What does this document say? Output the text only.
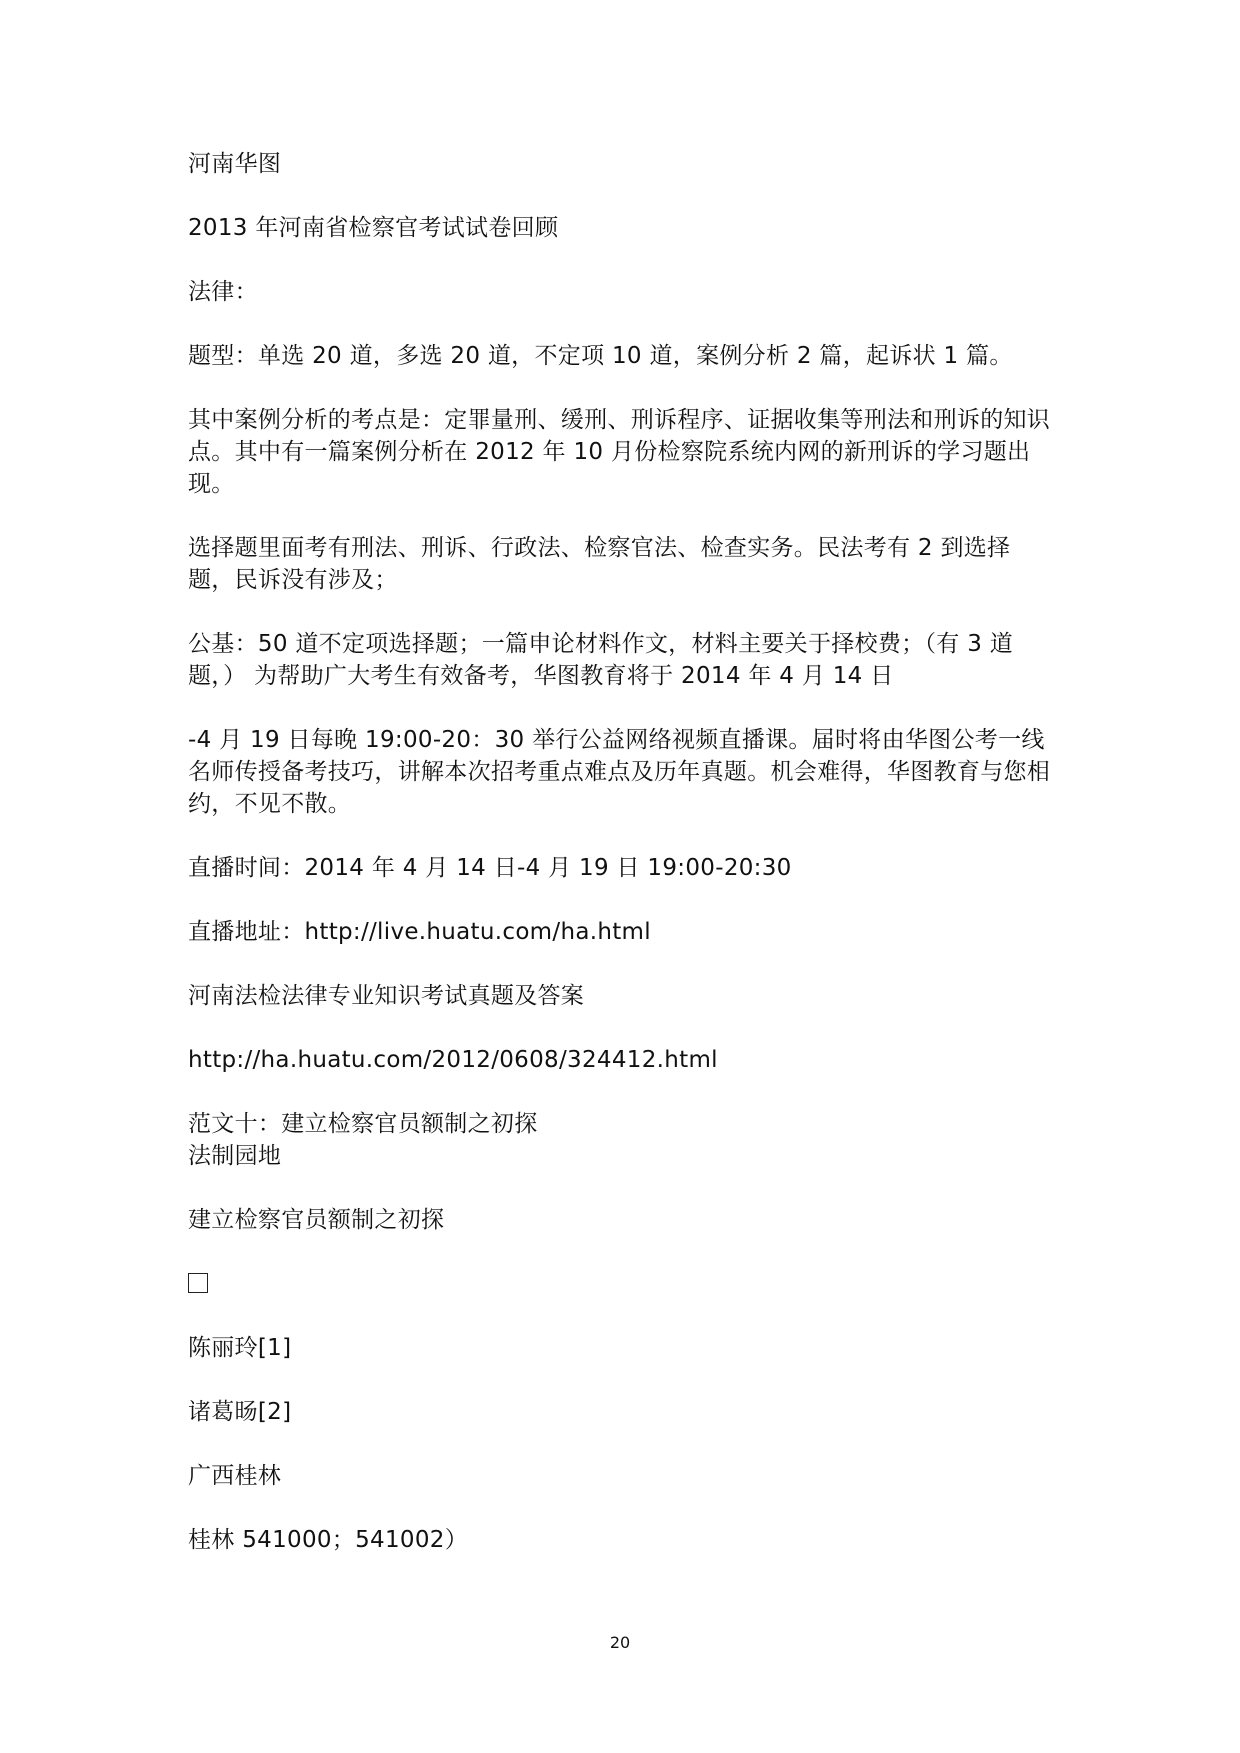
河南华图

2013 年河南省检察官考试试卷回顾

法律：

题型：单选 20 道，多选 20 道，不定项 10 道，案例分析 2 篇，起诉状 1 篇。

其中案例分析的考点是：定罪量刑、缓刑、刑诉程序、证据收集等刑法和刑诉的知识点。其中有一篇案例分析在 2012 年 10 月份检察院系统内网的新刑诉的学习题出现。

选择题里面考有刑法、刑诉、行政法、检察官法、检查实务。民法考有 2 到选择题，民诉没有涉及；

公基：50 道不定项选择题；一篇申论材料作文，材料主要关于择校费；（有 3 道题，） 为帮助广大考生有效备考，华图教育将于 2014 年 4 月 14 日

-4 月 19 日每晚 19:00-20：30 举行公益网络视频直播课。届时将由华图公考一线名师传授备考技巧，讲解本次招考重点难点及历年真题。机会难得，华图教育与您相约，不见不散。

直播时间：2014 年 4 月 14 日-4 月 19 日 19:00-20:30

直播地址：http://live.huatu.com/ha.html

河南法检法律专业知识考试真题及答案

http://ha.huatu.com/2012/0608/324412.html

范文十：建立检察官员额制之初探

法制园地

建立检察官员额制之初探

陈丽玲[1]

诸葛旸[2]

广西桂林

桂林 541000；541002）

20
